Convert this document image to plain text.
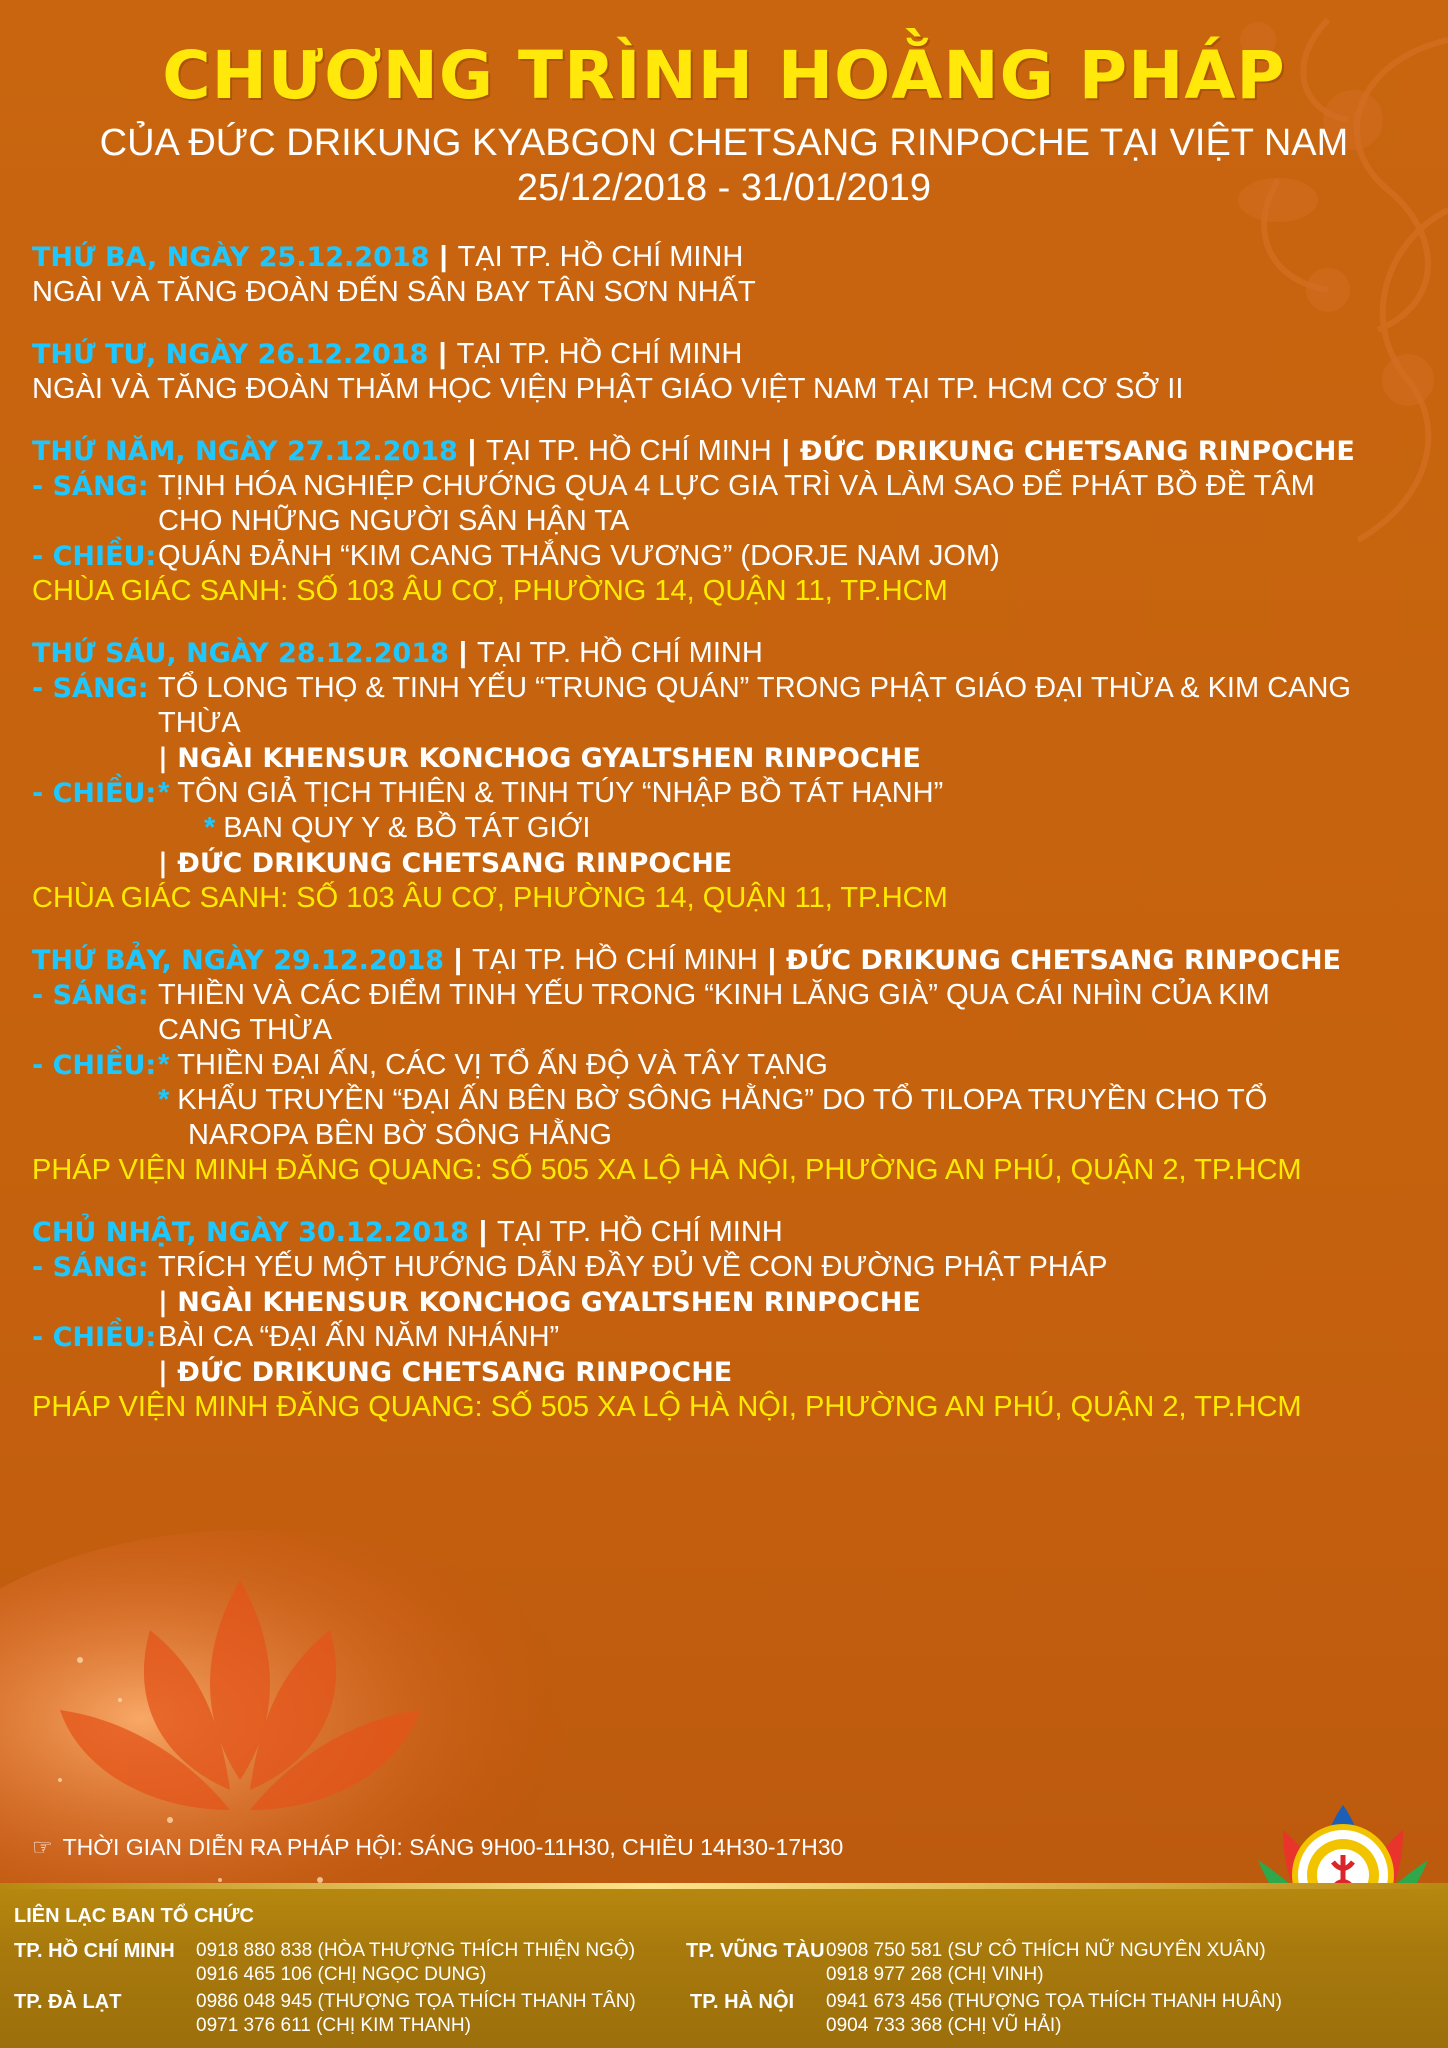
CHƯƠNG TRÌNH HOẰNG PHÁP

CỦA ĐỨC DRIKUNG KYABGON CHETSANG RINPOCHE TẠI VIỆT NAM

25/12/2018 - 31/01/2019

THỨ BA, NGÀY 25.12.2018 | TẠI TP. HỒ CHÍ MINH
NGÀI VÀ TĂNG ĐOÀN ĐẾN SÂN BAY TÂN SƠN NHẤT
THỨ TƯ, NGÀY 26.12.2018 | TẠI TP. HỒ CHÍ MINH
NGÀI VÀ TĂNG ĐOÀN THĂM HỌC VIỆN PHẬT GIÁO VIỆT NAM TẠI TP. HCM CƠ SỞ II
THỨ NĂM, NGÀY 27.12.2018 | TẠI TP. HỒ CHÍ MINH | ĐỨC DRIKUNG CHETSANG RINPOCHE
- SÁNG: TỊNH HÓA NGHIỆP CHƯỚNG QUA 4 LỰC GIA TRÌ VÀ LÀM SAO ĐỂ PHÁT BỒ ĐỀ TÂM
CHO NHỮNG NGƯỜI SÂN HẬN TA
- CHIỀU: QUÁN ĐẢNH “KIM CANG THẮNG VƯƠNG” (DORJE NAM JOM)
CHÙA GIÁC SANH: SỐ 103 ÂU CƠ, PHƯỜNG 14, QUẬN 11, TP.HCM
THỨ SÁU, NGÀY 28.12.2018 | TẠI TP. HỒ CHÍ MINH
- SÁNG: TỔ LONG THỌ & TINH YẾU “TRUNG QUÁN” TRONG PHẬT GIÁO ĐẠI THỪA & KIM CANG
THỪA
| NGÀI KHENSUR KONCHOG GYALTSHEN RINPOCHE
- CHIỀU: * TÔN GIẢ TỊCH THIÊN & TINH TÚY “NHẬP BỒ TÁT HẠNH”
* BAN QUY Y & BỒ TÁT GIỚI
| ĐỨC DRIKUNG CHETSANG RINPOCHE
CHÙA GIÁC SANH: SỐ 103 ÂU CƠ, PHƯỜNG 14, QUẬN 11, TP.HCM
THỨ BẢY, NGÀY 29.12.2018 | TẠI TP. HỒ CHÍ MINH | ĐỨC DRIKUNG CHETSANG RINPOCHE
- SÁNG: THIỀN VÀ CÁC ĐIỂM TINH YẾU TRONG “KINH LĂNG GIÀ” QUA CÁI NHÌN CỦA KIM
CANG THỪA
- CHIỀU: * THIỀN ĐẠI ẤN, CÁC VỊ TỔ ẤN ĐỘ VÀ TÂY TẠNG
* KHẨU TRUYỀN “ĐẠI ẤN BÊN BỜ SÔNG HẰNG” DO TỔ TILOPA TRUYỀN CHO TỔ
NAROPA BÊN BỜ SÔNG HẰNG
PHÁP VIỆN MINH ĐĂNG QUANG: SỐ 505 XA LỘ HÀ NỘI, PHƯỜNG AN PHÚ, QUẬN 2, TP.HCM
CHỦ NHẬT, NGÀY 30.12.2018 | TẠI TP. HỒ CHÍ MINH
- SÁNG: TRÍCH YẾU MỘT HƯỚNG DẪN ĐẦY ĐỦ VỀ CON ĐƯỜNG PHẬT PHÁP
| NGÀI KHENSUR KONCHOG GYALTSHEN RINPOCHE
- CHIỀU: BÀI CA “ĐẠI ẤN NĂM NHÁNH”
| ĐỨC DRIKUNG CHETSANG RINPOCHE
PHÁP VIỆN MINH ĐĂNG QUANG: SỐ 505 XA LỘ HÀ NỘI, PHƯỜNG AN PHÚ, QUẬN 2, TP.HCM
☞ THỜI GIAN DIỄN RA PHÁP HỘI: SÁNG 9H00-11H30, CHIỀU 14H30-17H30
LIÊN LẠC BAN TỔ CHỨC
TP. HỒ CHÍ MINH 0918 880 838 (HÒA THƯỢNG THÍCH THIỆN NGỘ)
0916 465 106 (CHỊ NGỌC DUNG)
TP. ĐÀ LẠT	0986 048 945 (THƯỢNG TỌA THÍCH THANH TÂN)
0971 376 611 (CHỊ KIM THANH)
TP. VŨNG TÀU 0908 750 581 (SƯ CÔ THÍCH NỮ NGUYÊN XUÂN)
0918 977 268 (CHỊ VINH)
TP. HÀ NỘI 0941 673 456 (THƯỢNG TỌA THÍCH THANH HUÂN)
0904 733 368 (CHỊ VŨ HẢI)
